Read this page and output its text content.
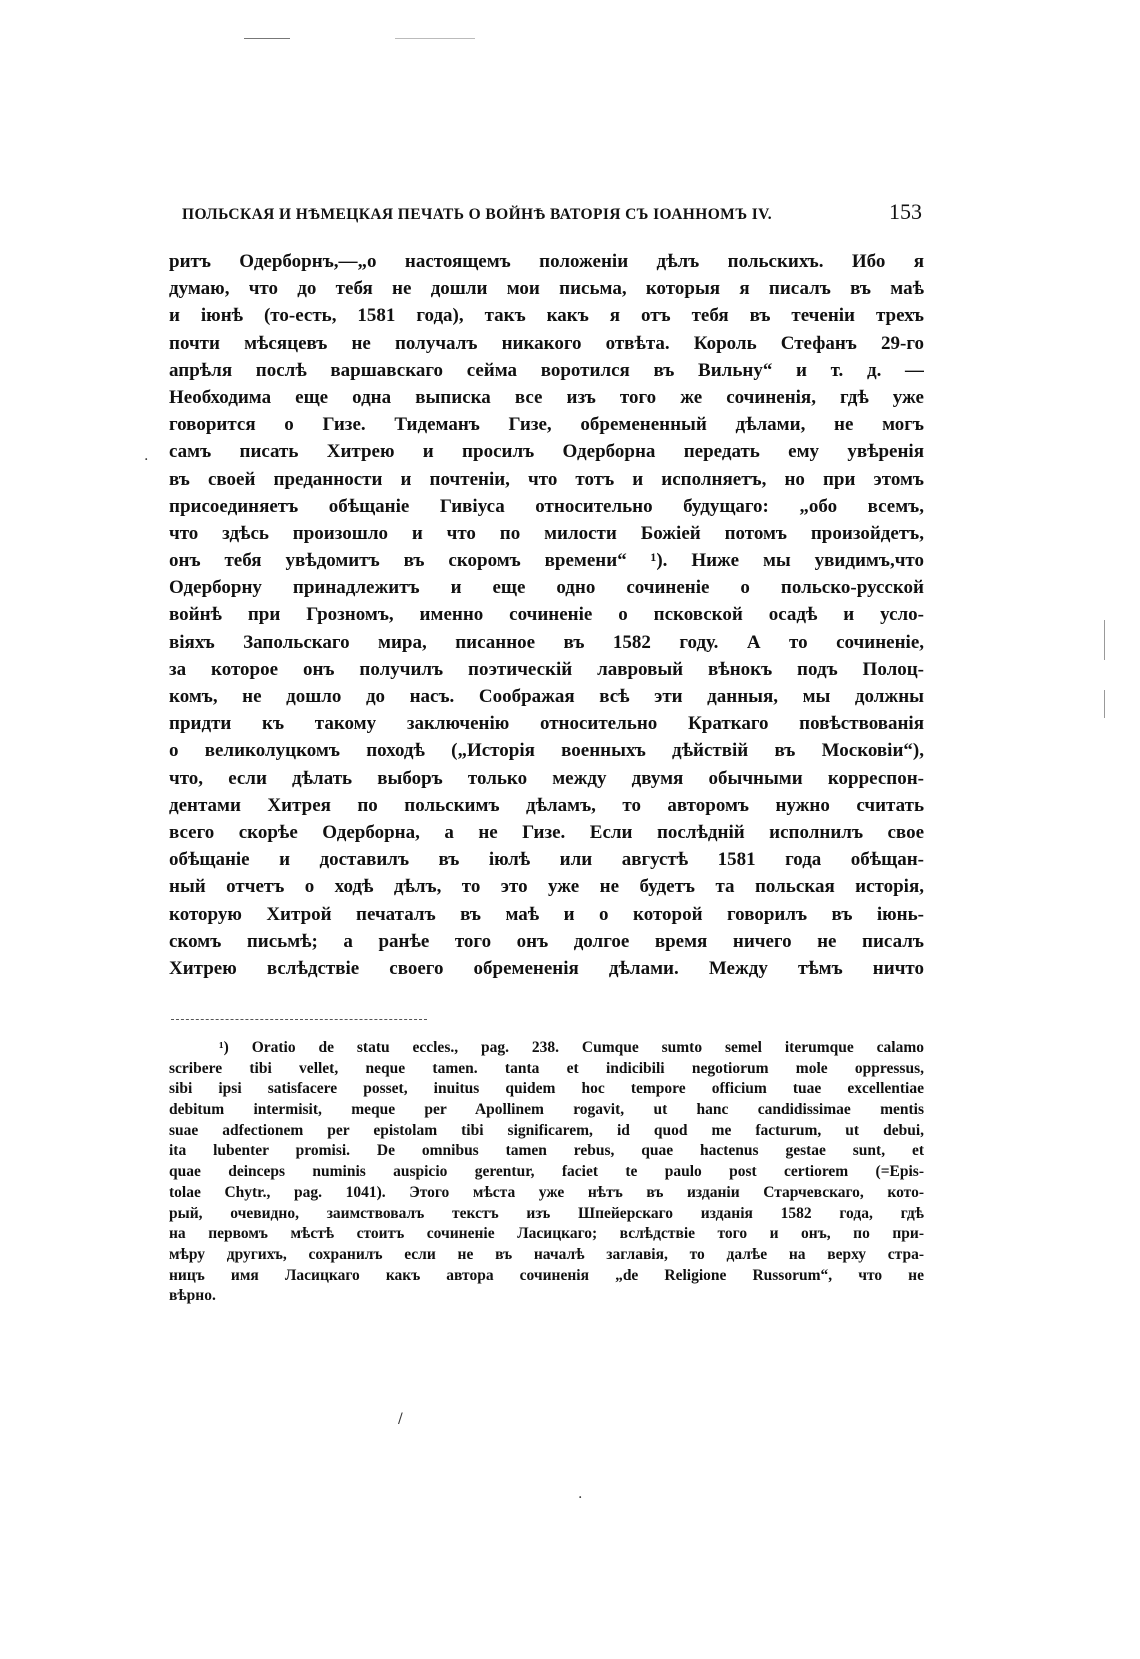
ПОЛЬСКАЯ И НѢМЕЦКАЯ ПЕЧАТЬ О ВОЙНѢ ВАТОРІЯ СЪ ІОАННОМЪ IV.	153
ритъ Одерборнъ,—„о настоящемъ положеніи дѣлъ польскихъ. Ибо я
думаю, что до тебя не дошли мои письма, которыя я писалъ въ маѣ
и іюнѣ (то-есть, 1581 года), такъ какъ я отъ тебя въ теченіи трехъ
почти мѣсяцевъ не получалъ никакого отвѣта. Король Стефанъ 29-го
апрѣля послѣ варшавскаго сейма воротился въ Вильну“ и т. д. —
Необходима еще одна выписка все изъ того же сочиненія, гдѣ уже
говорится о Гизе. Тидеманъ Гизе, обремененный дѣлами, не могъ
самъ писать Хитрею и просилъ Одерборна передать ему увѣренія
въ своей преданности и почтеніи, что тотъ и исполняетъ, но при этомъ
присоединяетъ обѣщаніе Гивіуса относительно будущаго: „обо всемъ,
что здѣсь произошло и что по милости Божіей потомъ произойдетъ,
онъ тебя увѣдомитъ въ скоромъ времени“ ¹). Ниже мы увидимъ,что
Одерборну принадлежитъ и еще одно сочиненіе о польско-русской
войнѣ при Грозномъ, именно сочиненіе о псковской осадѣ и усло-
віяхъ Запольскаго мира, писанное въ 1582 году. А то сочиненіе,
за которое онъ получилъ поэтическій лавровый вѣнокъ подъ Полоц-
комъ, не дошло до насъ. Соображая всѣ эти данныя, мы должны
придти къ такому заключенію относительно Краткаго повѣствованія
о великолуцкомъ походѣ („Исторія военныхъ дѣйствій въ Московіи“),
что, если дѣлать выборъ только между двумя обычными корреспон-
дентами Хитрея по польскимъ дѣламъ, то авторомъ нужно считать
всего скорѣе Одерборна, а не Гизе. Если послѣдній исполнилъ свое
обѣщаніе и доставилъ въ іюлѣ или августѣ 1581 года обѣщан-
ный отчетъ о ходѣ дѣлъ, то это уже не будетъ та польская исторія,
которую Хитрой печаталъ въ маѣ и о которой говорилъ въ іюнь-
скомъ письмѣ; а ранѣе того онъ долгое время ничего не писалъ
Хитрею вслѣдствіе своего обремененія дѣлами. Между тѣмъ ничто
¹) Oratio de statu eccles., pag. 238. Cumque sumto semel iterumque calamo
scribere tibi vellet, neque tamen. tanta et indicibili negotiorum mole oppressus,
sibi ipsi satisfacere posset, inuitus quidem hoc tempore officium tuae excellentiae
debitum intermisit, meque per Apollinem rogavit, ut hanc candidissimae mentis
suae adfectionem per epistolam tibi significarem, id quod me facturum, ut debui,
ita lubenter promisi. De omnibus tamen rebus, quae hactenus gestae sunt, et
quae deinceps numinis auspicio gerentur, faciet te paulo post certiorem (=Epis-
tolae Chytr., pag. 1041). Этого мѣста уже нѣтъ въ изданіи Старчевскаго, кото-
рый, очевидно, заимствовалъ текстъ изъ Шпейерскаго изданія 1582 года, гдѣ
на первомъ мѣстѣ стоитъ сочиненіе Ласицкаго; вслѣдствіе того и онъ, по при-
мѣру другихъ, сохранилъ если не въ началѣ заглавія, то далѣе на верху стра-
ницъ имя Ласицкаго какъ автора сочиненія „de Religione Russorum“, что не
вѣрно.
.
/
·
